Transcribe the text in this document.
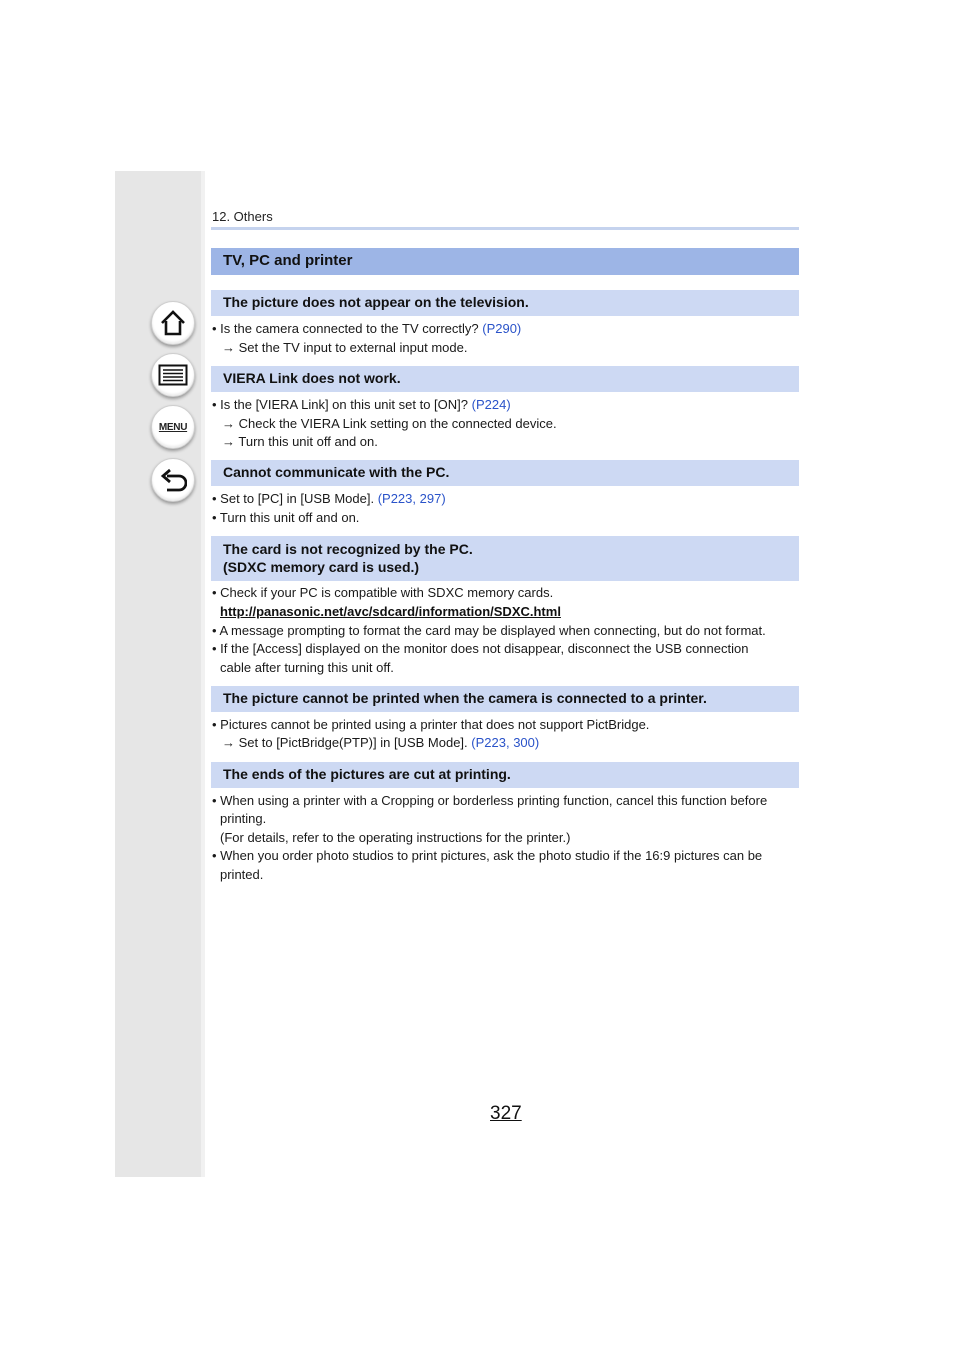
MENU
12. Others
TV, PC and printer
The picture does not appear on the television.
• Is the camera connected to the TV correctly? (P290)
→ Set the TV input to external input mode.
VIERA Link does not work.
• Is the [VIERA Link] on this unit set to [ON]? (P224)
→ Check the VIERA Link setting on the connected device.
→ Turn this unit off and on.
Cannot communicate with the PC.
• Set to [PC] in [USB Mode]. (P223, 297)
• Turn this unit off and on.
The card is not recognized by the PC.
(SDXC memory card is used.)
• Check if your PC is compatible with SDXC memory cards.
http://panasonic.net/avc/sdcard/information/SDXC.html
• A message prompting to format the card may be displayed when connecting, but do not format.
• If the [Access] displayed on the monitor does not disappear, disconnect the USB connection
cable after turning this unit off.
The picture cannot be printed when the camera is connected to a printer.
• Pictures cannot be printed using a printer that does not support PictBridge.
→ Set to [PictBridge(PTP)] in [USB Mode]. (P223, 300)
The ends of the pictures are cut at printing.
• When using a printer with a Cropping or borderless printing function, cancel this function before
printing.
(For details, refer to the operating instructions for the printer.)
• When you order photo studios to print pictures, ask the photo studio if the 16:9 pictures can be
printed.
327
